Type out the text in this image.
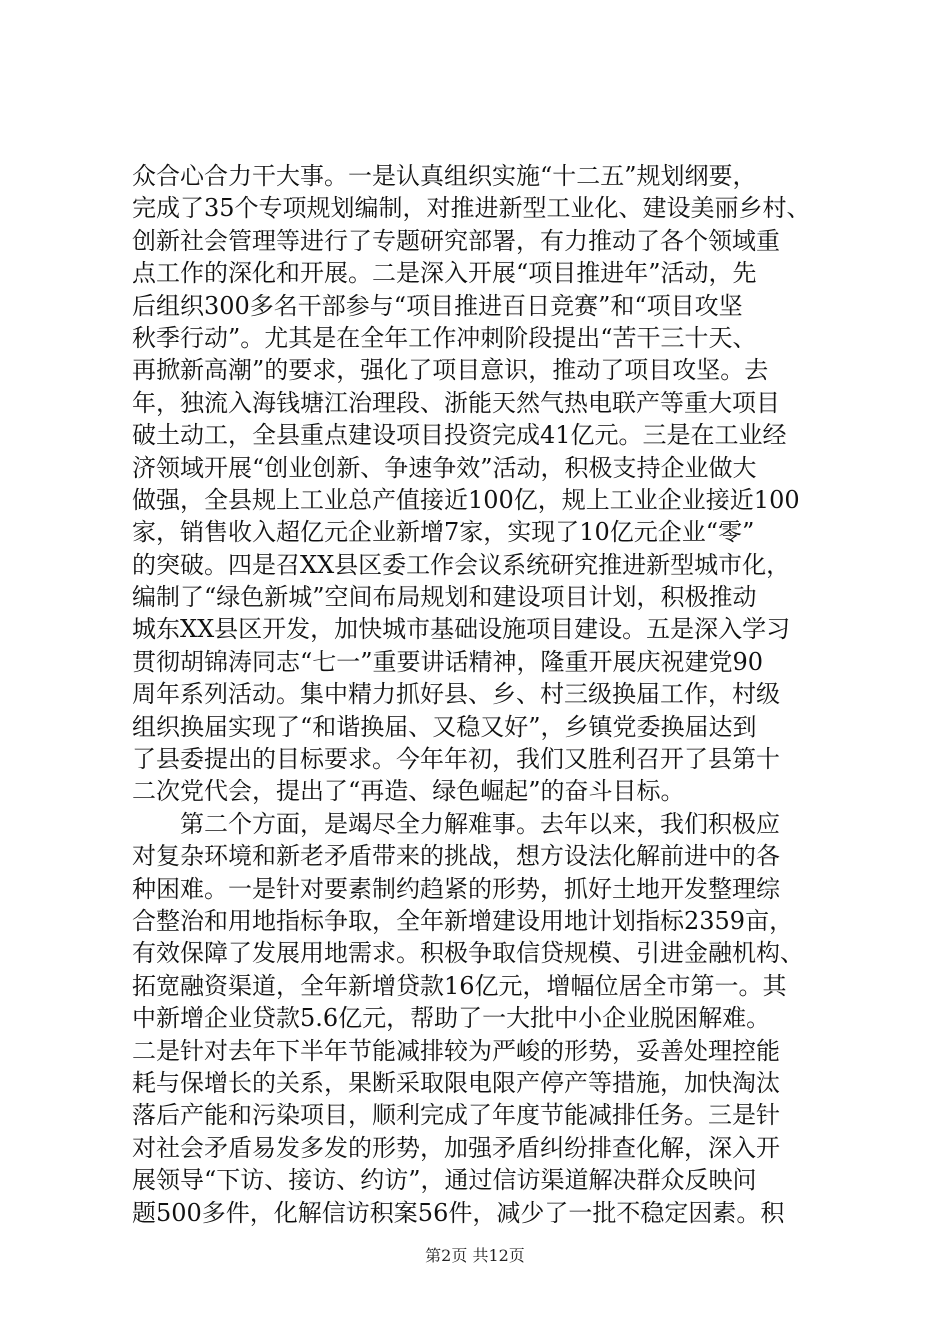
众合心合力干大事。一是认真组织实施“十二五”规划纲要，
完成了35个专项规划编制，对推进新型工业化、建设美丽乡村、
创新社会管理等进行了专题研究部署，有力推动了各个领域重
点工作的深化和开展。二是深入开展“项目推进年”活动，先
后组织300多名干部参与“项目推进百日竞赛”和“项目攻坚
秋季行动”。尤其是在全年工作冲刺阶段提出“苦干三十天、
再掀新高潮”的要求，强化了项目意识，推动了项目攻坚。去
年，独流入海钱塘江治理段、浙能天然气热电联产等重大项目
破土动工，全县重点建设项目投资完成41亿元。三是在工业经
济领域开展“创业创新、争速争效”活动，积极支持企业做大
做强，全县规上工业总产值接近100亿，规上工业企业接近100
家，销售收入超亿元企业新增7家，实现了10亿元企业“零”
的突破。四是召XX县区委工作会议系统研究推进新型城市化，
编制了“绿色新城”空间布局规划和建设项目计划，积极推动
城东XX县区开发，加快城市基础设施项目建设。五是深入学习
贯彻胡锦涛同志“七一”重要讲话精神，隆重开展庆祝建党90
周年系列活动。集中精力抓好县、乡、村三级换届工作，村级
组织换届实现了“和谐换届、又稳又好”，乡镇党委换届达到
了县委提出的目标要求。今年年初，我们又胜利召开了县第十
二次党代会，提出了“再造、绿色崛起”的奋斗目标。
第二个方面，是竭尽全力解难事。去年以来，我们积极应
对复杂环境和新老矛盾带来的挑战，想方设法化解前进中的各
种困难。一是针对要素制约趋紧的形势，抓好土地开发整理综
合整治和用地指标争取，全年新增建设用地计划指标2359亩，
有效保障了发展用地需求。积极争取信贷规模、引进金融机构、
拓宽融资渠道，全年新增贷款16亿元，增幅位居全市第一。其
中新增企业贷款5.6亿元，帮助了一大批中小企业脱困解难。
二是针对去年下半年节能减排较为严峻的形势，妥善处理控能
耗与保增长的关系，果断采取限电限产停产等措施，加快淘汰
落后产能和污染项目，顺利完成了年度节能减排任务。三是针
对社会矛盾易发多发的形势，加强矛盾纠纷排查化解，深入开
展领导“下访、接访、约访”，通过信访渠道解决群众反映问
题500多件，化解信访积案56件，减少了一批不稳定因素。积
第2页 共12页
